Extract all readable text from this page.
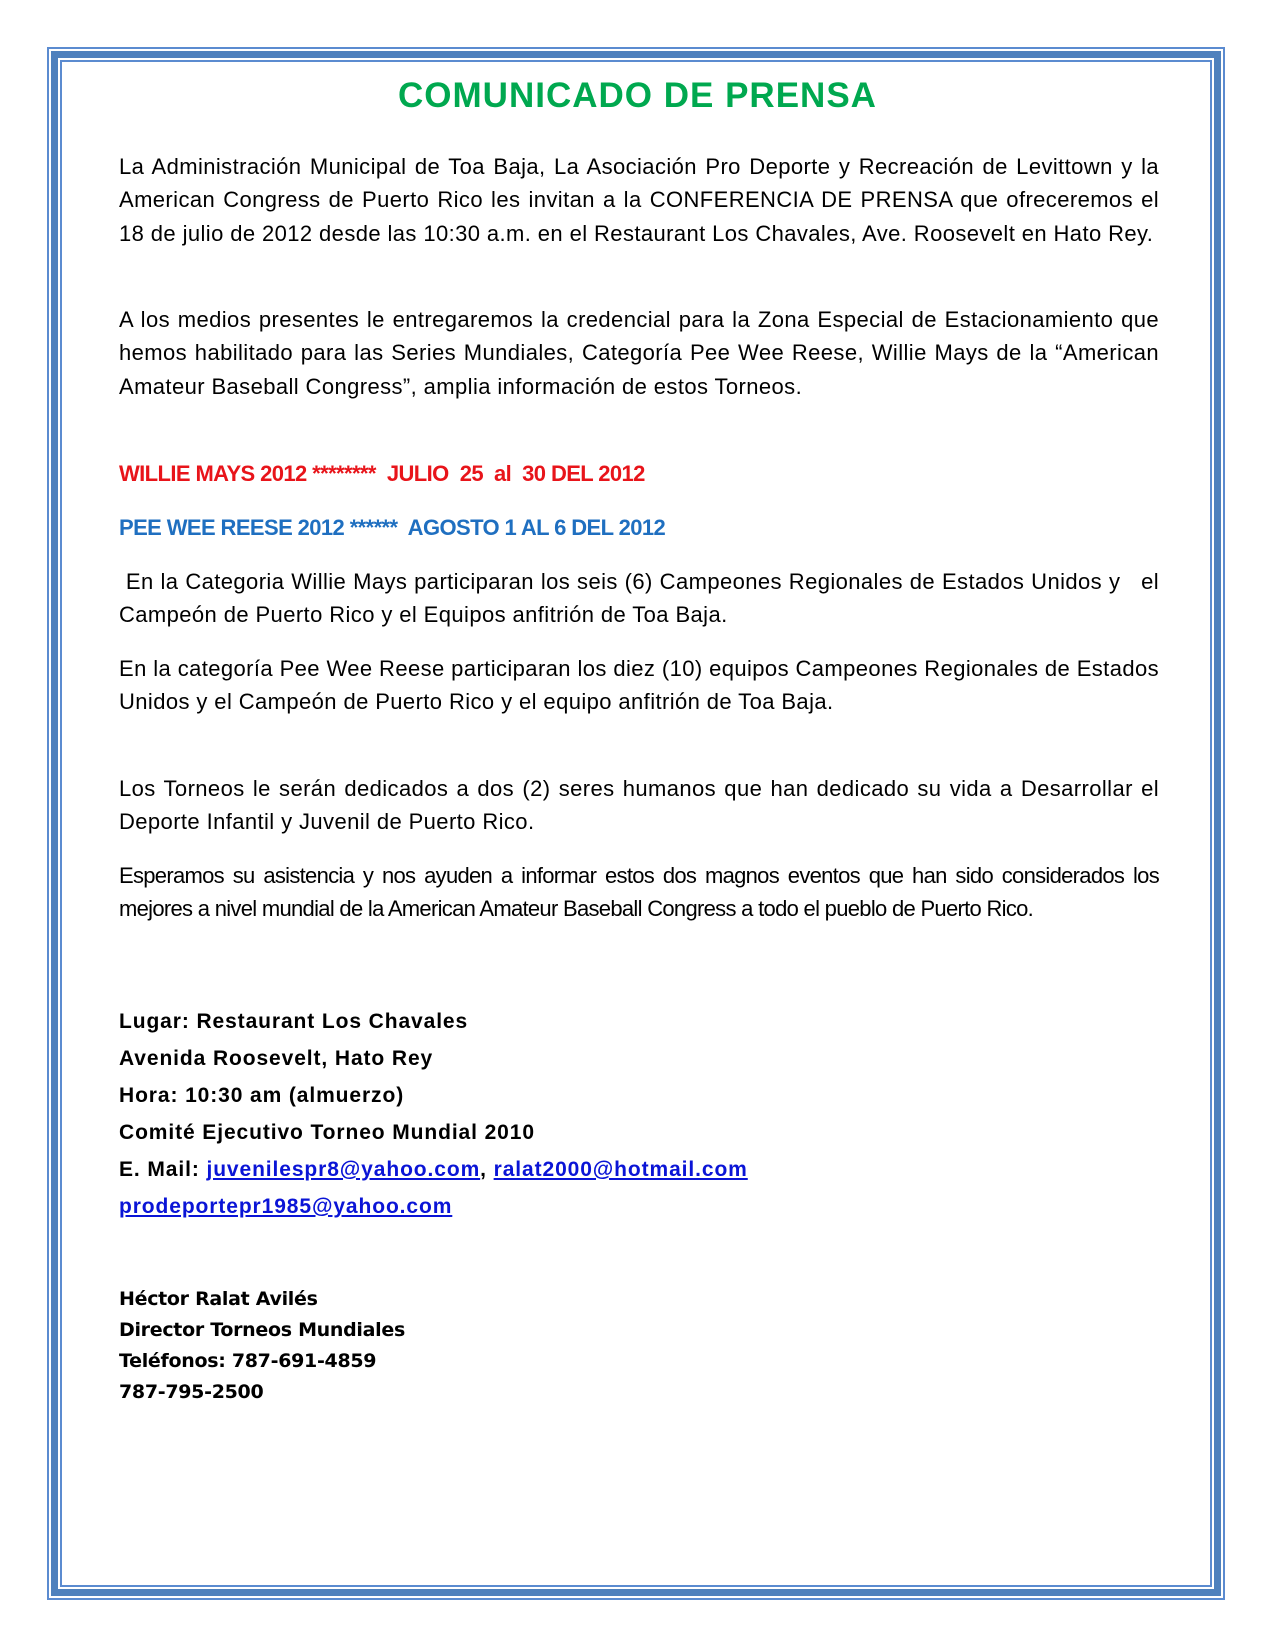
COMUNICADO DE PRENSA
La Administración Municipal de Toa Baja, La Asociación Pro Deporte y Recreación de Levittown y la American Congress de Puerto Rico les invitan a la CONFERENCIA DE PRENSA que ofreceremos el 18 de julio de 2012 desde las 10:30 a.m. en el Restaurant Los Chavales, Ave. Roosevelt en Hato Rey.
A los medios presentes le entregaremos la credencial para la Zona Especial de Estacionamiento que hemos habilitado para las Series Mundiales, Categoría Pee Wee Reese, Willie Mays de la “American Amateur Baseball Congress”, amplia información de estos Torneos.
WILLIE MAYS 2012 ********  JULIO  25  al  30 DEL 2012
PEE WEE REESE 2012 ******  AGOSTO 1 AL 6 DEL 2012
En la Categoria Willie Mays participaran los seis (6) Campeones Regionales de Estados Unidos y   el Campeón de Puerto Rico y el Equipos anfitrión de Toa Baja.
En la categoría Pee Wee Reese participaran los diez (10) equipos Campeones Regionales de Estados Unidos y el Campeón de Puerto Rico y el equipo anfitrión de Toa Baja.
Los Torneos le serán dedicados a dos (2) seres humanos que han dedicado su vida a Desarrollar el Deporte Infantil y Juvenil de Puerto Rico.
Esperamos su asistencia y nos ayuden a informar estos dos magnos eventos que han sido considerados los mejores a nivel mundial de la American Amateur Baseball Congress a todo el pueblo de Puerto Rico.
Lugar: Restaurant Los Chavales
Avenida Roosevelt, Hato Rey
Hora: 10:30 am (almuerzo)
Comité Ejecutivo Torneo Mundial 2010
E. Mail: juvenilespr8@yahoo.com, ralat2000@hotmail.com
prodeportepr1985@yahoo.com
Héctor Ralat Avilés
Director Torneos Mundiales
Teléfonos: 787-691-4859
787-795-2500
